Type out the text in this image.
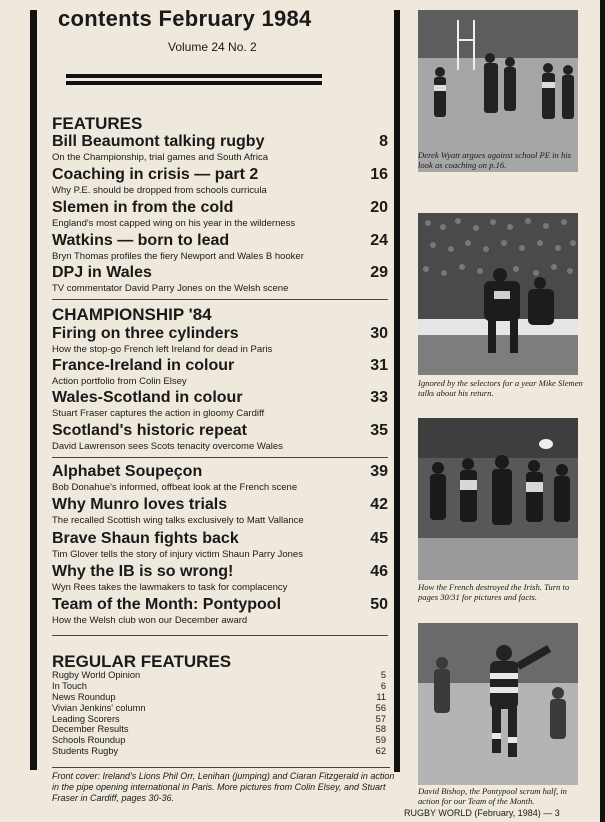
contents February 1984
Volume 24 No. 2
FEATURES
Bill Beaumont talking rugby	8
On the Championship, trial games and South Africa
Coaching in crisis — part 2	16
Why P.E. should be dropped from schools curricula
Slemen in from the cold	20
England's most capped wing on his year in the wilderness
Watkins — born to lead	24
Bryn Thomas profiles the fiery Newport and Wales B hooker
DPJ in Wales	29
TV commentator David Parry Jones on the Welsh scene
CHAMPIONSHIP '84
Firing on three cylinders	30
How the stop-go French left Ireland for dead in Paris
France-Ireland in colour	31
Action portfolio from Colin Elsey
Wales-Scotland in colour	33
Stuart Fraser captures the action in gloomy Cardiff
Scotland's historic repeat	35
David Lawrenson sees Scots tenacity overcome Wales
Alphabet Soupeçon	39
Bob Donahue's informed, offbeat look at the French scene
Why Munro loves trials	42
The recalled Scottish wing talks exclusively to Matt Vallance
Brave Shaun fights back	45
Tim Glover tells the story of injury victim Shaun Parry Jones
Why the IB is so wrong!	46
Wyn Rees takes the lawmakers to task for complacency
Team of the Month: Pontypool	50
How the Welsh club won our December award
REGULAR FEATURES
Rugby World Opinion	5
In Touch	6
News Roundup	11
Vivian Jenkins' column	56
Leading Scorers	57
December Results	58
Schools Roundup	59
Students Rugby	62
Front cover: Ireland's Lions Phil Orr, Lenihan (jumping) and Ciaran Fitzgerald in action in the pipe opening international in Paris. More pictures from Colin Elsey, and Stuart Fraser in Cardiff, pages 30-36.
Derek Wyatt argues against school PE in his look as coaching on p.16.
Ignored by the selectors for a year Mike Slemen talks about his return.
How the French destroyed the Irish. Turn to pages 30/31 for pictures and facts.
David Bishop, the Pontypool scrum half, in action for our Team of the Month.
RUGBY WORLD (February, 1984) — 3
